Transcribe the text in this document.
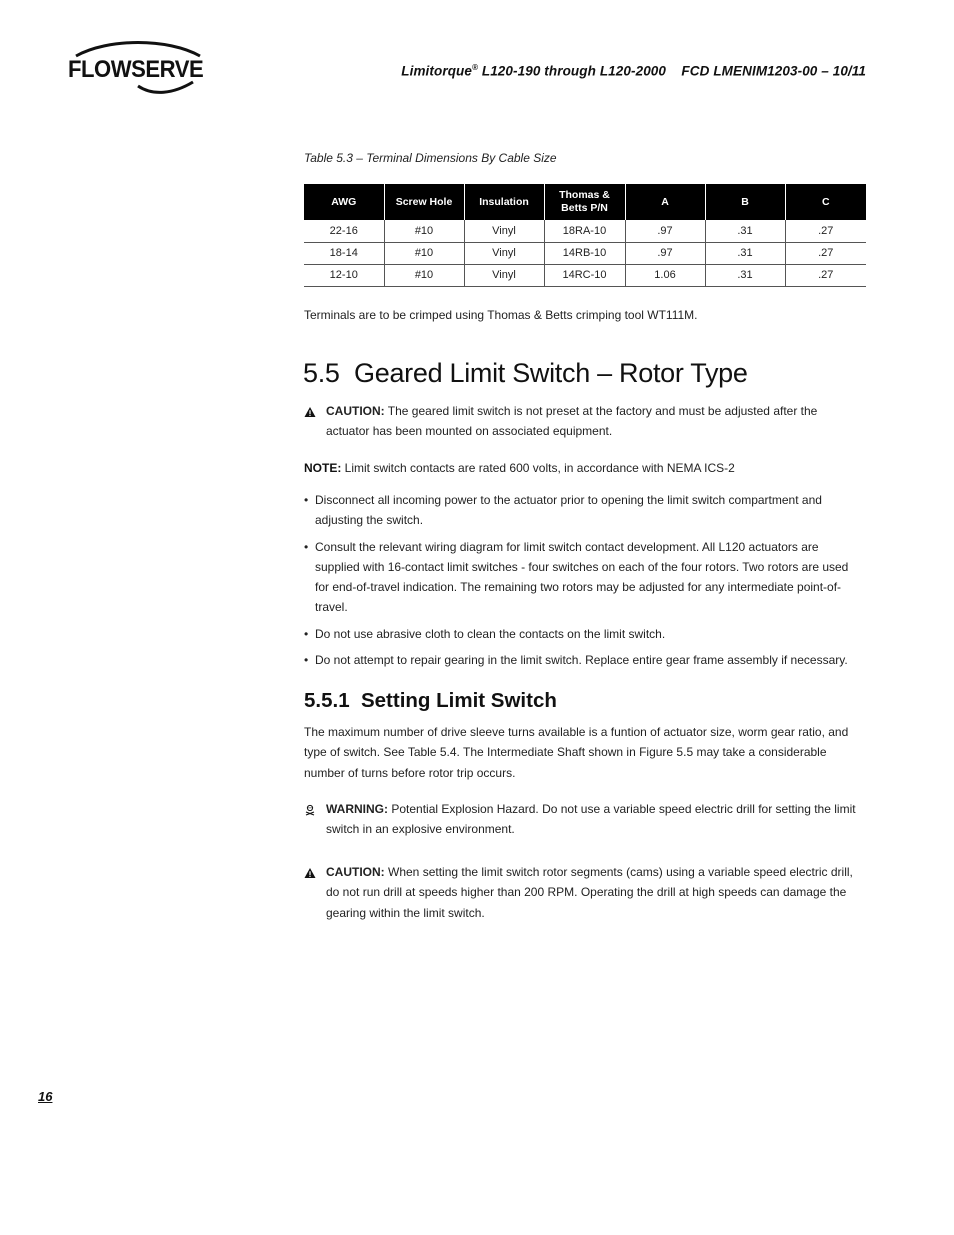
FLOWSERVE	Limitorque® L120-190 through L120-2000    FCD LMENIM1203-00 – 10/11
Table 5.3 – Terminal Dimensions By Cable Size
AWG	Screw Hole	Insulation	Thomas & Betts P/N	A	B	C
22-16	#10	Vinyl	18RA-10	.97	.31	.27
18-14	#10	Vinyl	14RB-10	.97	.31	.27
12-10	#10	Vinyl	14RC-10	1.06	.31	.27
Terminals are to be crimped using Thomas & Betts crimping tool WT111M.
5.5  Geared Limit Switch – Rotor Type
CAUTION: The geared limit switch is not preset at the factory and must be adjusted after the actuator has been mounted on associated equipment.
NOTE: Limit switch contacts are rated 600 volts, in accordance with NEMA ICS-2
• Disconnect all incoming power to the actuator prior to opening the limit switch compartment and adjusting the switch.
• Consult the relevant wiring diagram for limit switch contact development. All L120 actuators are supplied with 16-contact limit switches - four switches on each of the four rotors. Two rotors are used for end-of-travel indication. The remaining two rotors may be adjusted for any intermediate point-of-travel.
• Do not use abrasive cloth to clean the contacts on the limit switch.
• Do not attempt to repair gearing in the limit switch. Replace entire gear frame assembly if necessary.
5.5.1  Setting Limit Switch
The maximum number of drive sleeve turns available is a funtion of actuator size, worm gear ratio, and type of switch. See Table 5.4. The Intermediate Shaft shown in Figure 5.5 may take a considerable number of turns before rotor trip occurs.
WARNING: Potential Explosion Hazard. Do not use a variable speed electric drill for setting the limit switch in an explosive environment.
CAUTION: When setting the limit switch rotor segments (cams) using a variable speed electric drill, do not run drill at speeds higher than 200 RPM. Operating the drill at high speeds can damage the gearing within the limit switch.
16
